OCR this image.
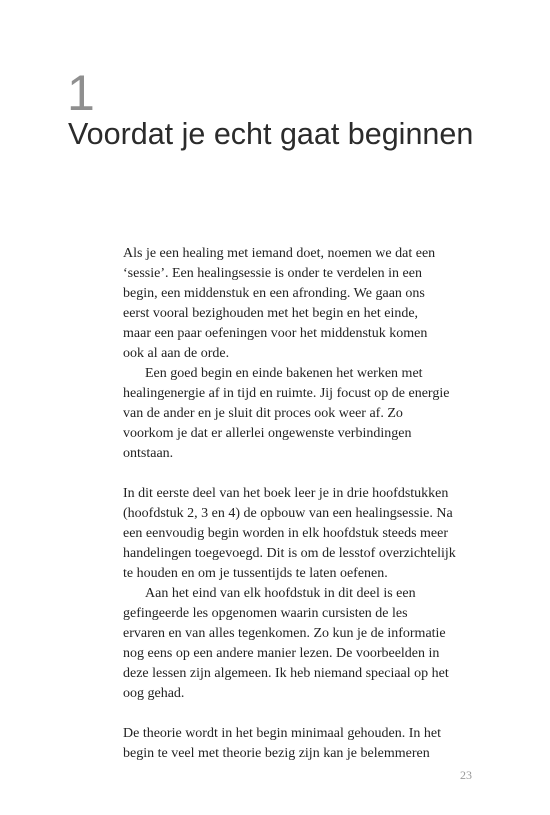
1
Voordat je echt gaat beginnen

Als je een healing met iemand doet, noemen we dat een
‘sessie’. Een healingsessie is onder te verdelen in een
begin, een middenstuk en een afronding. We gaan ons
eerst vooral bezighouden met het begin en het einde,
maar een paar oefeningen voor het middenstuk komen
ook al aan de orde.

Een goed begin en einde bakenen het werken met
healingenergie af in tijd en ruimte. Jij focust op de energie
van de ander en je sluit dit proces ook weer af. Zo
voorkom je dat er allerlei ongewenste verbindingen
ontstaan.

In dit eerste deel van het boek leer je in drie hoofdstukken
(hoofdstuk 2, 3 en 4) de opbouw van een healingsessie. Na
een eenvoudig begin worden in elk hoofdstuk steeds meer
handelingen toegevoegd. Dit is om de lesstof overzichtelijk
te houden en om je tussentijds te laten oefenen.

Aan het eind van elk hoofdstuk in dit deel is een
gefingeerde les opgenomen waarin cursisten de les
ervaren en van alles tegenkomen. Zo kun je de informatie
nog eens op een andere manier lezen. De voorbeelden in
deze lessen zijn algemeen. Ik heb niemand speciaal op het
oog gehad.

De theorie wordt in het begin minimaal gehouden. In het
begin te veel met theorie bezig zijn kan je belemmeren

23
